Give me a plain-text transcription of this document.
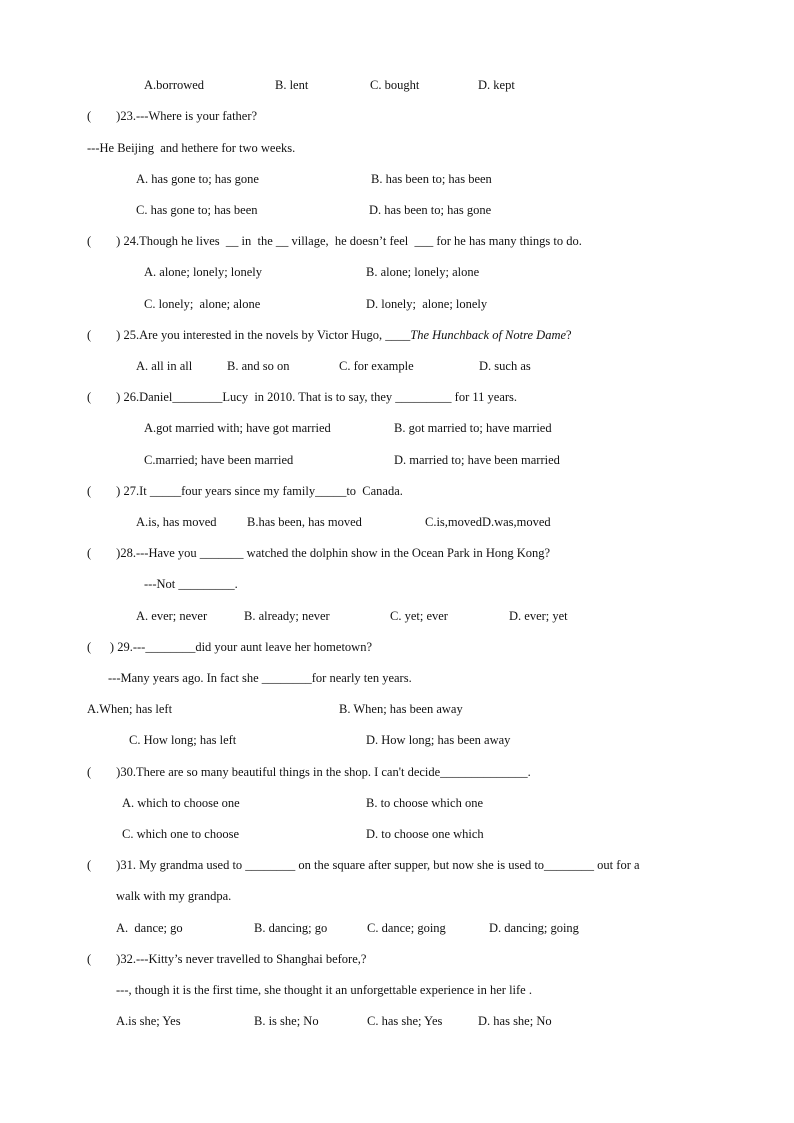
A.borrowed	B. lent	C. bought	D. kept
(        )23.---Where is your father?
---He Beijing  and hethere for two weeks.
A. has gone to; has gone	B. has been to; has been
C. has gone to; has been	D. has been to; has gone
(        ) 24.Though he lives  __ in  the __ village,  he doesn’t feel  ___ for he has many things to do.
A. alone; lonely; lonely	B. alone; lonely; alone
C. lonely;  alone; alone	D. lonely;  alone; lonely
(        ) 25.Are you interested in the novels by Victor Hugo, ____The Hunchback of Notre Dame?
A. all in all	B. and so on	C. for example	D. such as
(        ) 26.Daniel________Lucy  in 2010. That is to say, they _________ for 11 years.
A.got married with; have got married	B. got married to; have married
C.married; have been married	D. married to; have been married
(        ) 27.It _____four years since my family_____to  Canada.
A.is, has moved B.has been, has moved	C.is,movedD.was,moved
(        )28.---Have you _______ watched the dolphin show in the Ocean Park in Hong Kong?
---Not _________.
A. ever; never	B. already; never	C. yet; ever	D. ever; yet
(      ) 29.---________did your aunt leave her hometown?
---Many years ago. In fact she ________for nearly ten years.
A.When; has left	B. When; has been away
C. How long; has left	D. How long; has been away
(        )30.There are so many beautiful things in the shop. I can't decide______________.
A. which to choose one	B. to choose which one
C. which one to choose	D. to choose one which
(        )31. My grandma used to ________ on the square after supper, but now she is used to________ out for a
walk with my grandpa.
A.  dance; go	B. dancing; go	C. dance; going	D. dancing; going
(        )32.---Kitty’s never travelled to Shanghai before,?
---, though it is the first time, she thought it an unforgettable experience in her life .
A.is she; Yes	B. is she; No	C. has she; Yes	D. has she; No
